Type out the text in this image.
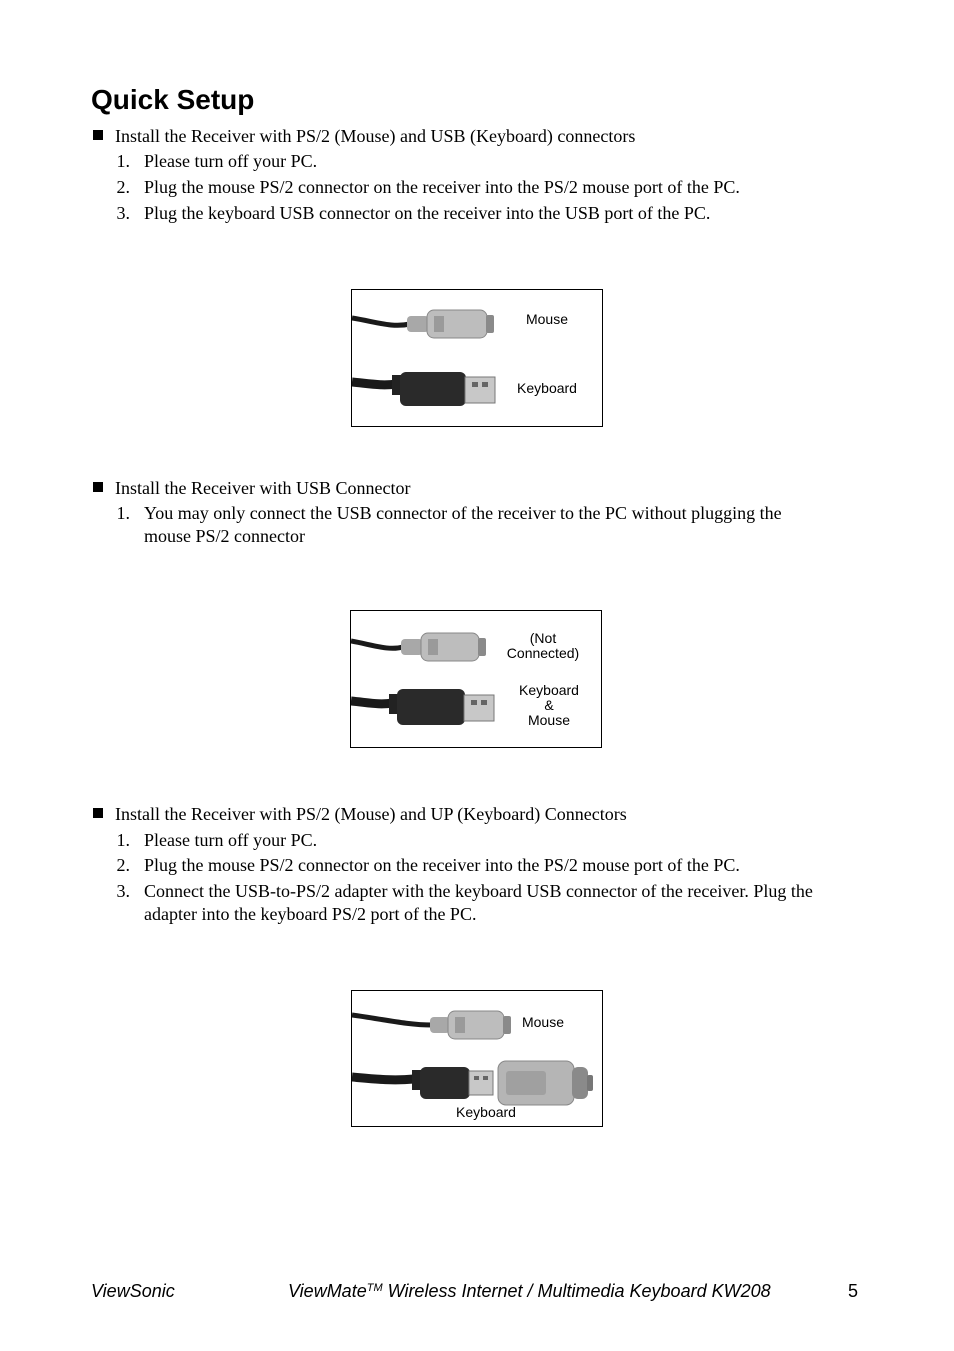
Quick Setup
Install the Receiver with PS/2 (Mouse) and USB (Keyboard) connectors
1. Please turn off your PC.
2. Plug the mouse PS/2 connector on the receiver into the PS/2 mouse port of the PC.
3. Plug the keyboard USB connector on the receiver into the USB port of the PC.
Mouse
Keyboard
Install the Receiver with USB Connector
1. You may only connect the USB connector of the receiver to the PC without plugging the
mouse PS/2 connector
(Not
Connected)
Keyboard
&
Mouse
Install the Receiver with PS/2 (Mouse) and UP (Keyboard) Connectors
1. Please turn off your PC.
2. Plug the mouse PS/2 connector on the receiver into the PS/2 mouse port of the PC.
3. Connect the USB-to-PS/2 adapter with the keyboard USB connector of the receiver. Plug the
adapter into the keyboard PS/2 port of the PC.
Mouse
Keyboard
ViewSonic	ViewMate™ Wireless Internet / Multimedia Keyboard KW208	5
